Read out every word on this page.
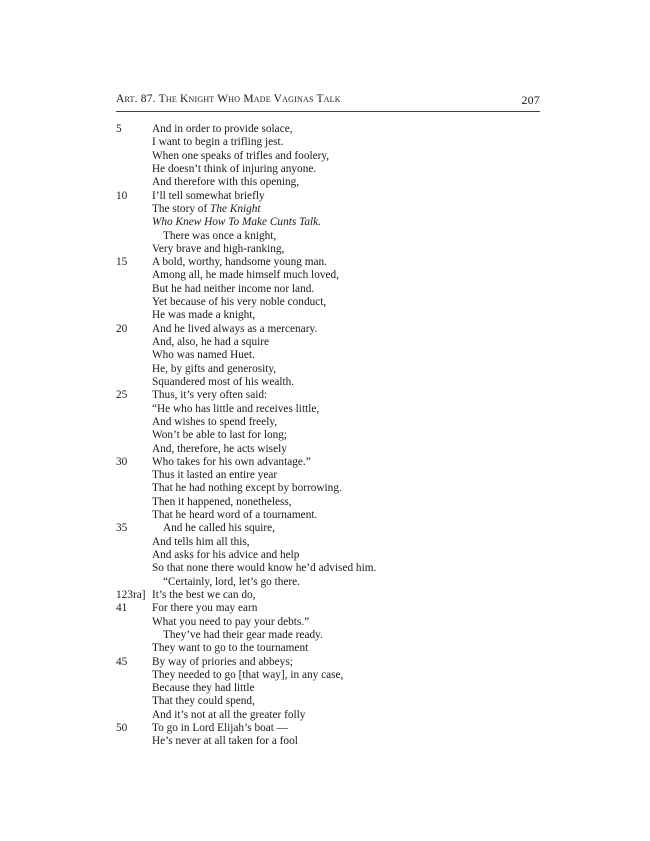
Art. 87. The Knight Who Made Vaginas Talk	207
5	And in order to provide solace,
I want to begin a trifling jest.
When one speaks of trifles and foolery,
He doesn’t think of injuring anyone.
And therefore with this opening,
10 I’ll tell somewhat briefly
The story of The Knight
Who Knew How To Make Cunts Talk.
There was once a knight,
Very brave and high-ranking,
15 A bold, worthy, handsome young man.
Among all, he made himself much loved,
But he had neither income nor land.
Yet because of his very noble conduct,
He was made a knight,
20 And he lived always as a mercenary.
And, also, he had a squire
Who was named Huet.
He, by gifts and generosity,
Squandered most of his wealth.
25 Thus, it’s very often said:
“He who has little and receives little,
And wishes to spend freely,
Won’t be able to last for long;
And, therefore, he acts wisely
30 Who takes for his own advantage.”
Thus it lasted an entire year
That he had nothing except by borrowing.
Then it happened, nonetheless,
That he heard word of a tournament.
35	And he called his squire,
And tells him all this,
And asks for his advice and help
So that none there would know he’d advised him.
“Certainly, lord, let’s go there.
123ra] It’s the best we can do,
41 For there you may earn
What you need to pay your debts.”
They’ve had their gear made ready.
They want to go to the tournament
45 By way of priories and abbeys;
They needed to go [that way], in any case,
Because they had little
That they could spend,
And it’s not at all the greater folly
50 To go in Lord Elijah’s boat —
He’s never at all taken for a fool
